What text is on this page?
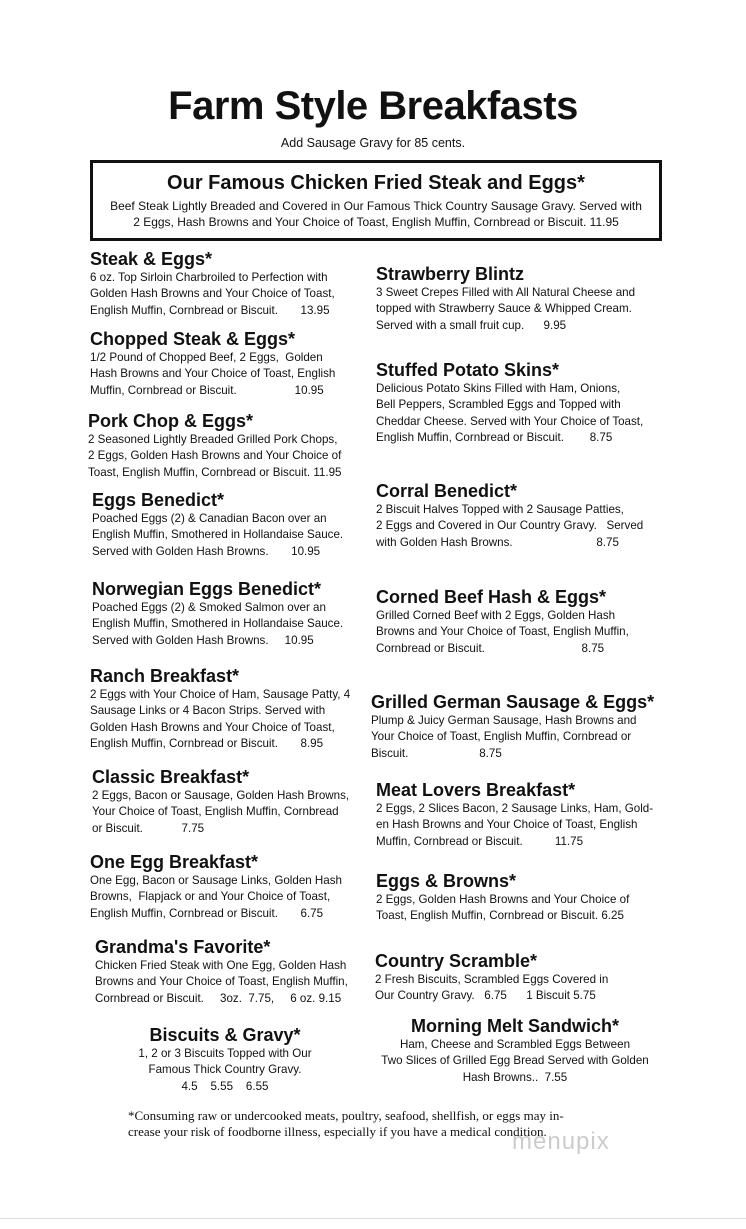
Farm Style Breakfasts
Add Sausage Gravy for 85 cents.
Our Famous Chicken Fried Steak and Eggs*
Beef Steak Lightly Breaded and Covered in Our Famous Thick Country Sausage Gravy. Served with
2 Eggs, Hash Browns and Your Choice of Toast, English Muffin, Cornbread or Biscuit. 11.95
Steak & Eggs*
6 oz. Top Sirloin Charbroiled to Perfection with
Golden Hash Browns and Your Choice of Toast,
English Muffin, Cornbread or Biscuit.       13.95
Chopped Steak & Eggs*
1/2 Pound of Chopped Beef, 2 Eggs,  Golden
Hash Browns and Your Choice of Toast, English
Muffin, Cornbread or Biscuit.                  10.95
Pork Chop & Eggs*
2 Seasoned Lightly Breaded Grilled Pork Chops,
2 Eggs, Golden Hash Browns and Your Choice of
Toast, English Muffin, Cornbread or Biscuit. 11.95
Eggs Benedict*
Poached Eggs (2) & Canadian Bacon over an
English Muffin, Smothered in Hollandaise Sauce.
Served with Golden Hash Browns.       10.95
Norwegian Eggs Benedict*
Poached Eggs (2) & Smoked Salmon over an
English Muffin, Smothered in Hollandaise Sauce.
Served with Golden Hash Browns.     10.95
Ranch Breakfast*
2 Eggs with Your Choice of Ham, Sausage Patty, 4
Sausage Links or 4 Bacon Strips. Served with
Golden Hash Browns and Your Choice of Toast,
English Muffin, Cornbread or Biscuit.       8.95
Classic Breakfast*
2 Eggs, Bacon or Sausage, Golden Hash Browns,
Your Choice of Toast, English Muffin, Cornbread
or Biscuit.            7.75
One Egg Breakfast*
One Egg, Bacon or Sausage Links, Golden Hash
Browns,  Flapjack or and Your Choice of Toast,
English Muffin, Cornbread or Biscuit.       6.75
Grandma's Favorite*
Chicken Fried Steak with One Egg, Golden Hash
Browns and Your Choice of Toast, English Muffin,
Cornbread or Biscuit.     3oz.  7.75,     6 oz. 9.15
Biscuits & Gravy*
1, 2 or 3 Biscuits Topped with Our
Famous Thick Country Gravy.
4.5    5.55    6.55
Strawberry Blintz
3 Sweet Crepes Filled with All Natural Cheese and
topped with Strawberry Sauce & Whipped Cream.
Served with a small fruit cup.      9.95
Stuffed Potato Skins*
Delicious Potato Skins Filled with Ham, Onions,
Bell Peppers, Scrambled Eggs and Topped with
Cheddar Cheese. Served with Your Choice of Toast,
English Muffin, Cornbread or Biscuit.        8.75
Corral Benedict*
2 Biscuit Halves Topped with 2 Sausage Patties,
2 Eggs and Covered in Our Country Gravy.   Served
with Golden Hash Browns.                          8.75
Corned Beef Hash & Eggs*
Grilled Corned Beef with 2 Eggs, Golden Hash
Browns and Your Choice of Toast, English Muffin,
Cornbread or Biscuit.                              8.75
Grilled German Sausage & Eggs*
Plump & Juicy German Sausage, Hash Browns and
Your Choice of Toast, English Muffin, Cornbread or
Biscuit.                      8.75
Meat Lovers Breakfast*
2 Eggs, 2 Slices Bacon, 2 Sausage Links, Ham, Gold-
en Hash Browns and Your Choice of Toast, English
Muffin, Cornbread or Biscuit.          11.75
Eggs & Browns*
2 Eggs, Golden Hash Browns and Your Choice of
Toast, English Muffin, Cornbread or Biscuit. 6.25
Country Scramble*
2 Fresh Biscuits, Scrambled Eggs Covered in
Our Country Gravy.   6.75      1 Biscuit 5.75
Morning Melt Sandwich*
Ham, Cheese and Scrambled Eggs Between
Two Slices of Grilled Egg Bread Served with Golden
Hash Browns..  7.55
*Consuming raw or undercooked meats, poultry, seafood, shellfish, or eggs may in-
crease your risk of foodborne illness, especially if you have a medical condition.
menupix
